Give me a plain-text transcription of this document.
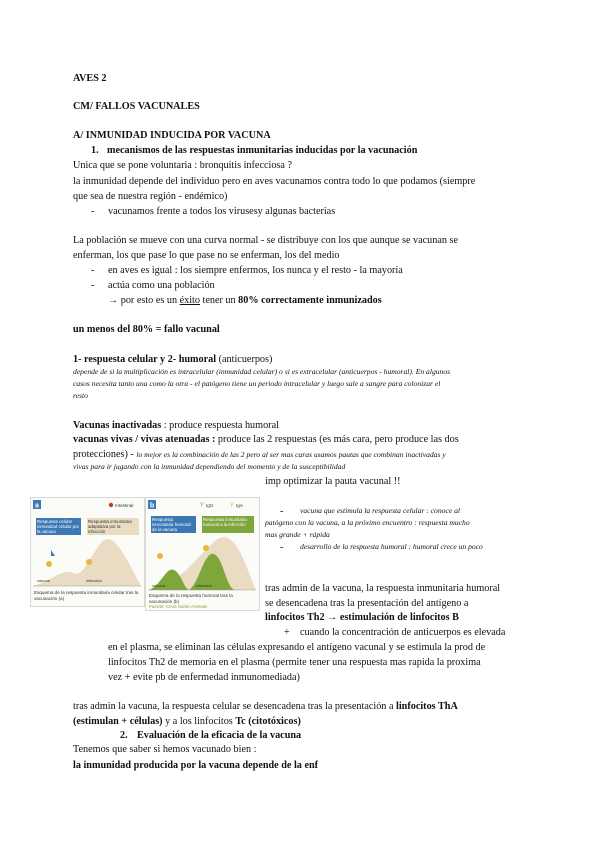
AVES 2
CM/ FALLOS VACUNALES
A/ INMUNIDAD INDUCIDA POR VACUNA
1. mecanismos de las respuestas inmunitarias inducidas por la vacunación
Unica que se pone voluntaria : bronquitis infecciosa ?
la inmunidad depende del individuo pero en aves vacunamos contra todo lo que podamos (siempre
que sea de nuestra región - endémico)
- vacunamos frente a todos los virusesy algunas bacterias
La población se mueve con una curva normal - se distribuye con los que aunque se vacunan se
enferman, los que pase lo que pase no se enferman, los del medio
- en aves es igual : los siempre enfermos, los nunca y el resto - la mayoría
- actúa como una población
→ por esto es un éxito tener un 80% correctamente inmunizados
un menos del 80% = fallo vacunal
1- respuesta celular y 2- humoral (anticuerpos)
depende de si la multiplicación es intracelular (inmunidad celular) o si es extracelular (anticuerpos - humoral). En algunos
casos necesita tanto una como la otra - el patógeno tiene un periodo intracelular y luego sale a sangre para colonizar el
resto
Vacunas inactivadas : produce respuesta humoral
vacunas vivas / vivas atenuadas : produce las 2 respuestas (es más cara, pero produce las dos
protecciones) - lo mejor es la combinación de las 2 pero al ser mas caras usamos pautas que combinan inactivadas y
vivas para ir jugando con la inmunidad dependiendo del momento y de la susceptibilidad
imp optimizar la pauta vacunal !!
a	Intestinal
Respuesta celular inmunidad celular por la vacuna
Respuesta inmunitaria adaptativa por la infección
vacuna	infección
Esquema de la respuesta inmunitaria celular tras la vacunación (a)
b	Y IgG	Y IgA
Respuesta inmunitaria humoral de la vacuna
Respuesta inmunitaria humoral a la infección
vacuna	infección
Esquema de la respuesta humoral tras la vacunación (b)
Fuente: Ceva Sante Animale
- vacuna que estimula la respuesta celular : conoce al
patógeno con la vacuna, a la próximo encuentro : respuesta mucho
mas grande + rápida
- desarrollo de la respuesta humoral : humoral crece un poco
tras admin de la vacuna, la respuesta inmunitaria humoral
se desencadena tras la presentación del antígeno a
linfocitos Th2 → estimulación de linfocitos B
+ cuando la concentración de anticuerpos es elevada
en el plasma, se eliminan las células expresando el antígeno vacunal y se estimula la prod de
linfocitos Th2 de memoria en el plasma (permite tener una respuesta mas rapida la proxima
vez + evite pb de enfermedad inmunomediada)
tras admin la vacuna, la respuesta celular se desencadena tras la presentación a linfocitos ThA
(estimulan + células) y a los linfocitos Tc (citotóxicos)
2. Evaluación de la eficacia de la vacuna
Tenemos que saber si hemos vacunado bien :
la inmunidad producida por la vacuna depende de la enf
